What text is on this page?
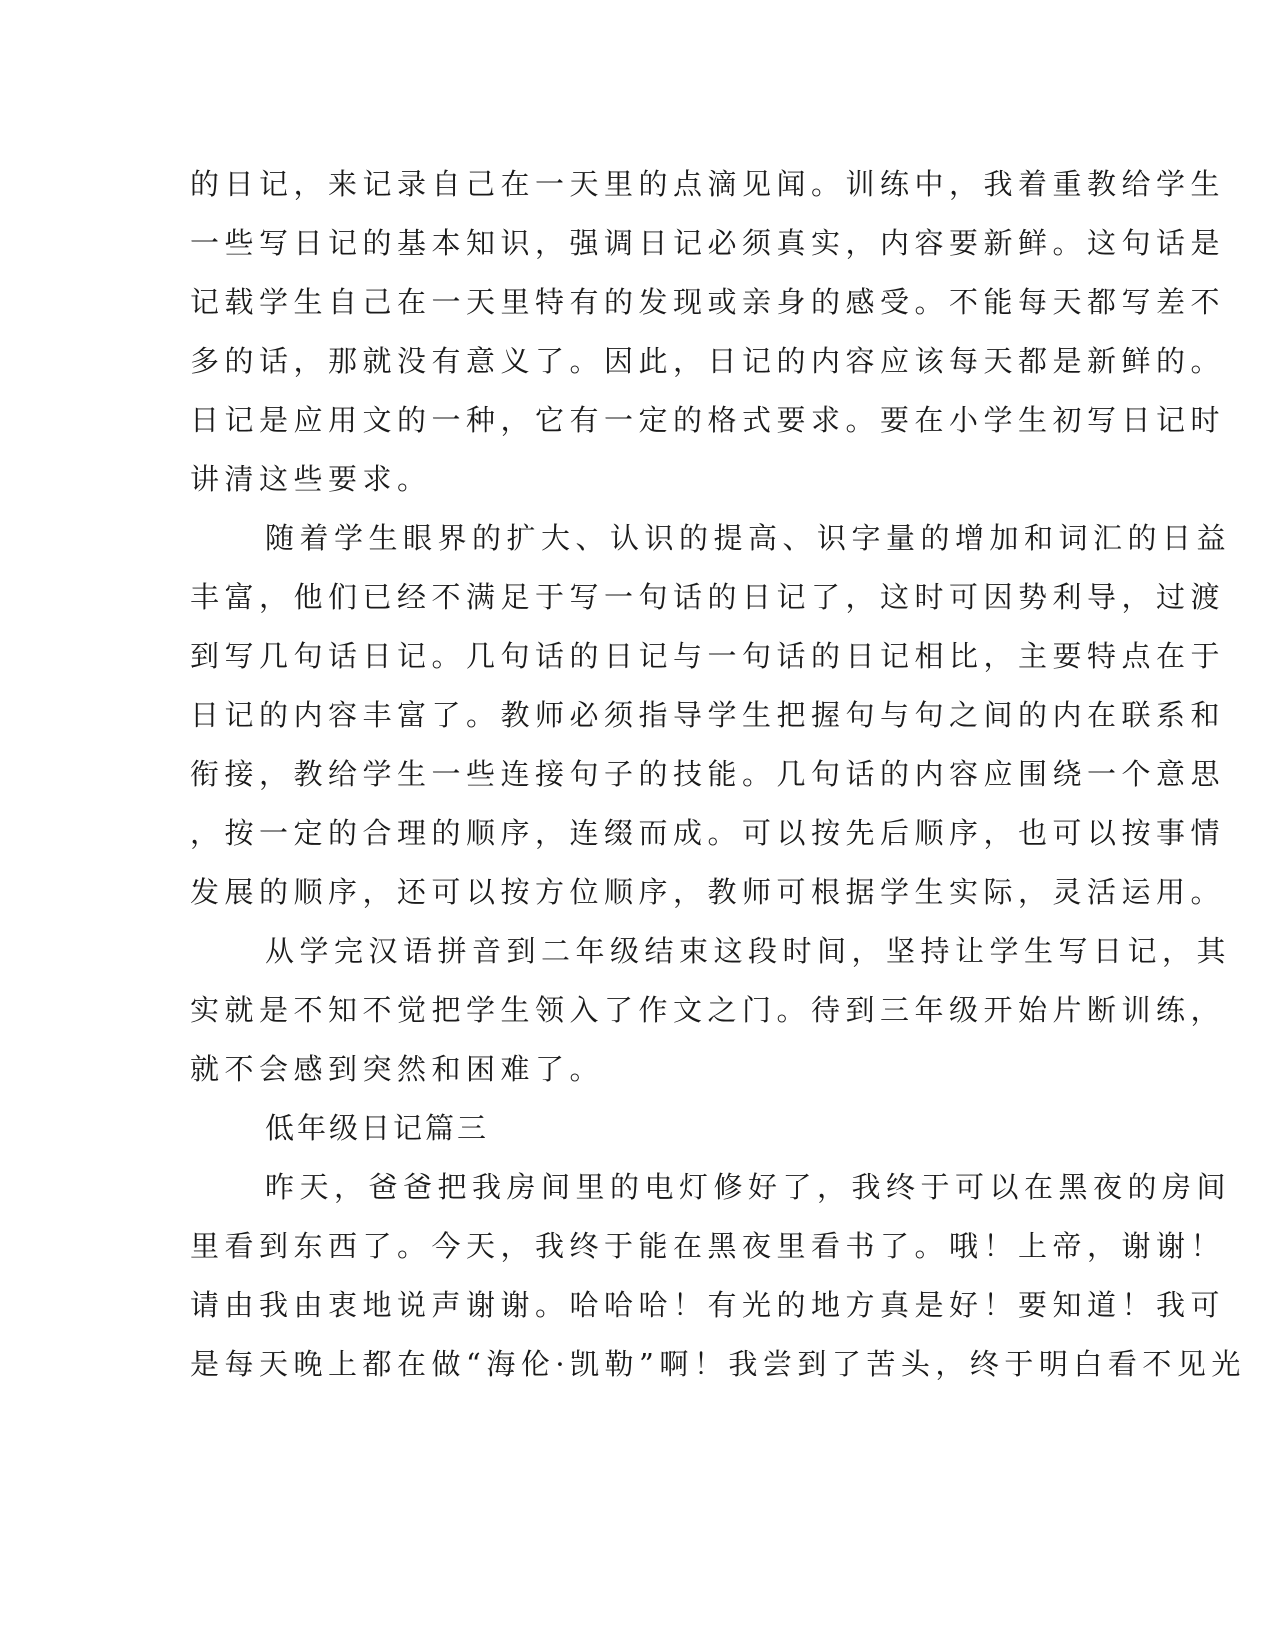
的日记，来记录自己在一天里的点滴见闻。训练中，我着重教给学生
一些写日记的基本知识，强调日记必须真实，内容要新鲜。这句话是
记载学生自己在一天里特有的发现或亲身的感受。不能每天都写差不
多的话，那就没有意义了。因此，日记的内容应该每天都是新鲜的。
日记是应用文的一种，它有一定的格式要求。要在小学生初写日记时
讲清这些要求。
随着学生眼界的扩大、认识的提高、识字量的增加和词汇的日益
丰富，他们已经不满足于写一句话的日记了，这时可因势利导，过渡
到写几句话日记。几句话的日记与一句话的日记相比，主要特点在于
日记的内容丰富了。教师必须指导学生把握句与句之间的内在联系和
衔接，教给学生一些连接句子的技能。几句话的内容应围绕一个意思
，按一定的合理的顺序，连缀而成。可以按先后顺序，也可以按事情
发展的顺序，还可以按方位顺序，教师可根据学生实际，灵活运用。
从学完汉语拼音到二年级结束这段时间，坚持让学生写日记，其
实就是不知不觉把学生领入了作文之门。待到三年级开始片断训练，
就不会感到突然和困难了。
低年级日记篇三
昨天，爸爸把我房间里的电灯修好了，我终于可以在黑夜的房间
里看到东西了。今天，我终于能在黑夜里看书了。哦！上帝，谢谢！
请由我由衷地说声谢谢。哈哈哈！有光的地方真是好！要知道！我可
是每天晚上都在做“海伦·凯勒”啊！我尝到了苦头，终于明白看不见光
